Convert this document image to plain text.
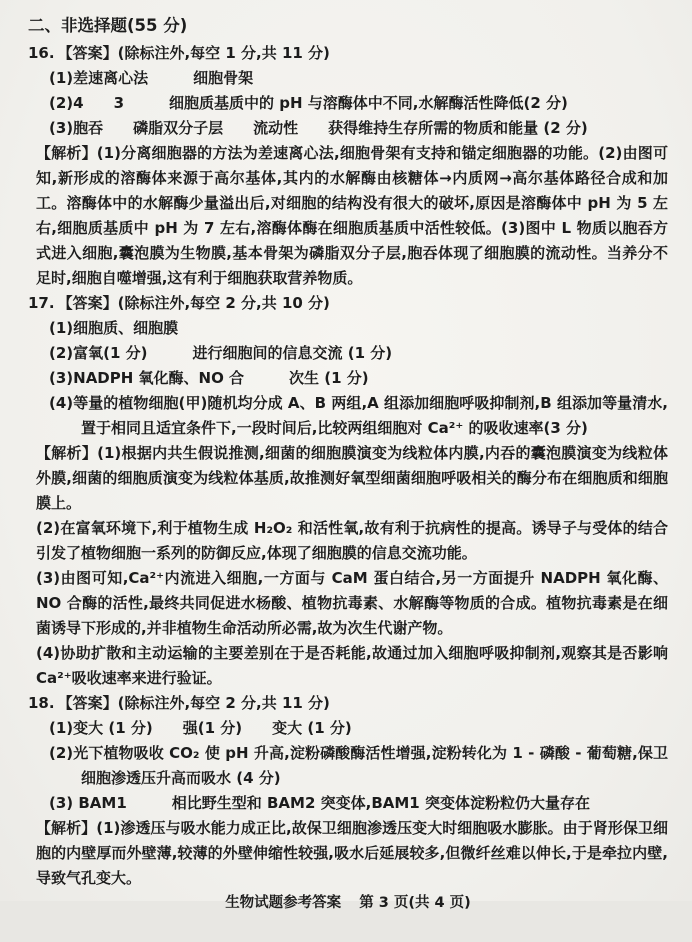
二、非选择题(55 分)
16. 【答案】(除标注外,每空 1 分,共 11 分)
(1)差速离心法　　　细胞骨架
(2)4　　3　　　细胞质基质中的 pH 与溶酶体中不同,水解酶活性降低(2 分)
(3)胞吞　　磷脂双分子层　　流动性　　获得维持生存所需的物质和能量 (2 分)

【解析】(1)分离细胞器的方法为差速离心法,细胞骨架有支持和锚定细胞器的功能。(2)由图可知,新形成的溶酶体来源于高尔基体,其内的水解酶由核糖体→内质网→高尔基体路径合成和加工。溶酶体中的水解酶少量溢出后,对细胞的结构没有很大的破坏,原因是溶酶体中 pH 为 5 左右,细胞质基质中 pH 为 7 左右,溶酶体酶在细胞质基质中活性较低。(3)图中 L 物质以胞吞方式进入细胞,囊泡膜为生物膜,基本骨架为磷脂双分子层,胞吞体现了细胞膜的流动性。当养分不足时,细胞自噬增强,这有利于细胞获取营养物质。

17. 【答案】(除标注外,每空 2 分,共 10 分)
(1)细胞质、细胞膜
(2)富氧(1 分)　　　进行细胞间的信息交流 (1 分)
(3)NADPH 氧化酶、NO 合　　　次生 (1 分)
(4)等量的植物细胞(甲)随机均分成 A、B 两组,A 组添加细胞呼吸抑制剂,B 组添加等量清水,置于相同且适宜条件下,一段时间后,比较两组细胞对 Ca²⁺ 的吸收速率(3 分)

【解析】(1)根据内共生假说推测,细菌的细胞膜演变为线粒体内膜,内吞的囊泡膜演变为线粒体外膜,细菌的细胞质演变为线粒体基质,故推测好氧型细菌细胞呼吸相关的酶分布在细胞质和细胞膜上。

(2)在富氧环境下,利于植物生成 H₂O₂ 和活性氧,故有利于抗病性的提高。诱导子与受体的结合引发了植物细胞一系列的防御反应,体现了细胞膜的信息交流功能。

(3)由图可知,Ca²⁺内流进入细胞,一方面与 CaM 蛋白结合,另一方面提升 NADPH 氧化酶、NO 合酶的活性,最终共同促进水杨酸、植物抗毒素、水解酶等物质的合成。植物抗毒素是在细菌诱导下形成的,并非植物生命活动所必需,故为次生代谢产物。

(4)协助扩散和主动运输的主要差别在于是否耗能,故通过加入细胞呼吸抑制剂,观察其是否影响 Ca²⁺吸收速率来进行验证。

18. 【答案】(除标注外,每空 2 分,共 11 分)
(1)变大 (1 分)　　强(1 分)　　变大 (1 分)
(2)光下植物吸收 CO₂ 使 pH 升高,淀粉磷酸酶活性增强,淀粉转化为 1 - 磷酸 - 葡萄糖,保卫细胞渗透压升高而吸水 (4 分)
(3) BAM1　　　相比野生型和 BAM2 突变体,BAM1 突变体淀粉粒仍大量存在

【解析】(1)渗透压与吸水能力成正比,故保卫细胞渗透压变大时细胞吸水膨胀。由于肾形保卫细胞的内壁厚而外壁薄,较薄的外壁伸缩性较强,吸水后延展较多,但微纤丝难以伸长,于是牵拉内壁,导致气孔变大。

生物试题参考答案 第 3 页(共 4 页)
